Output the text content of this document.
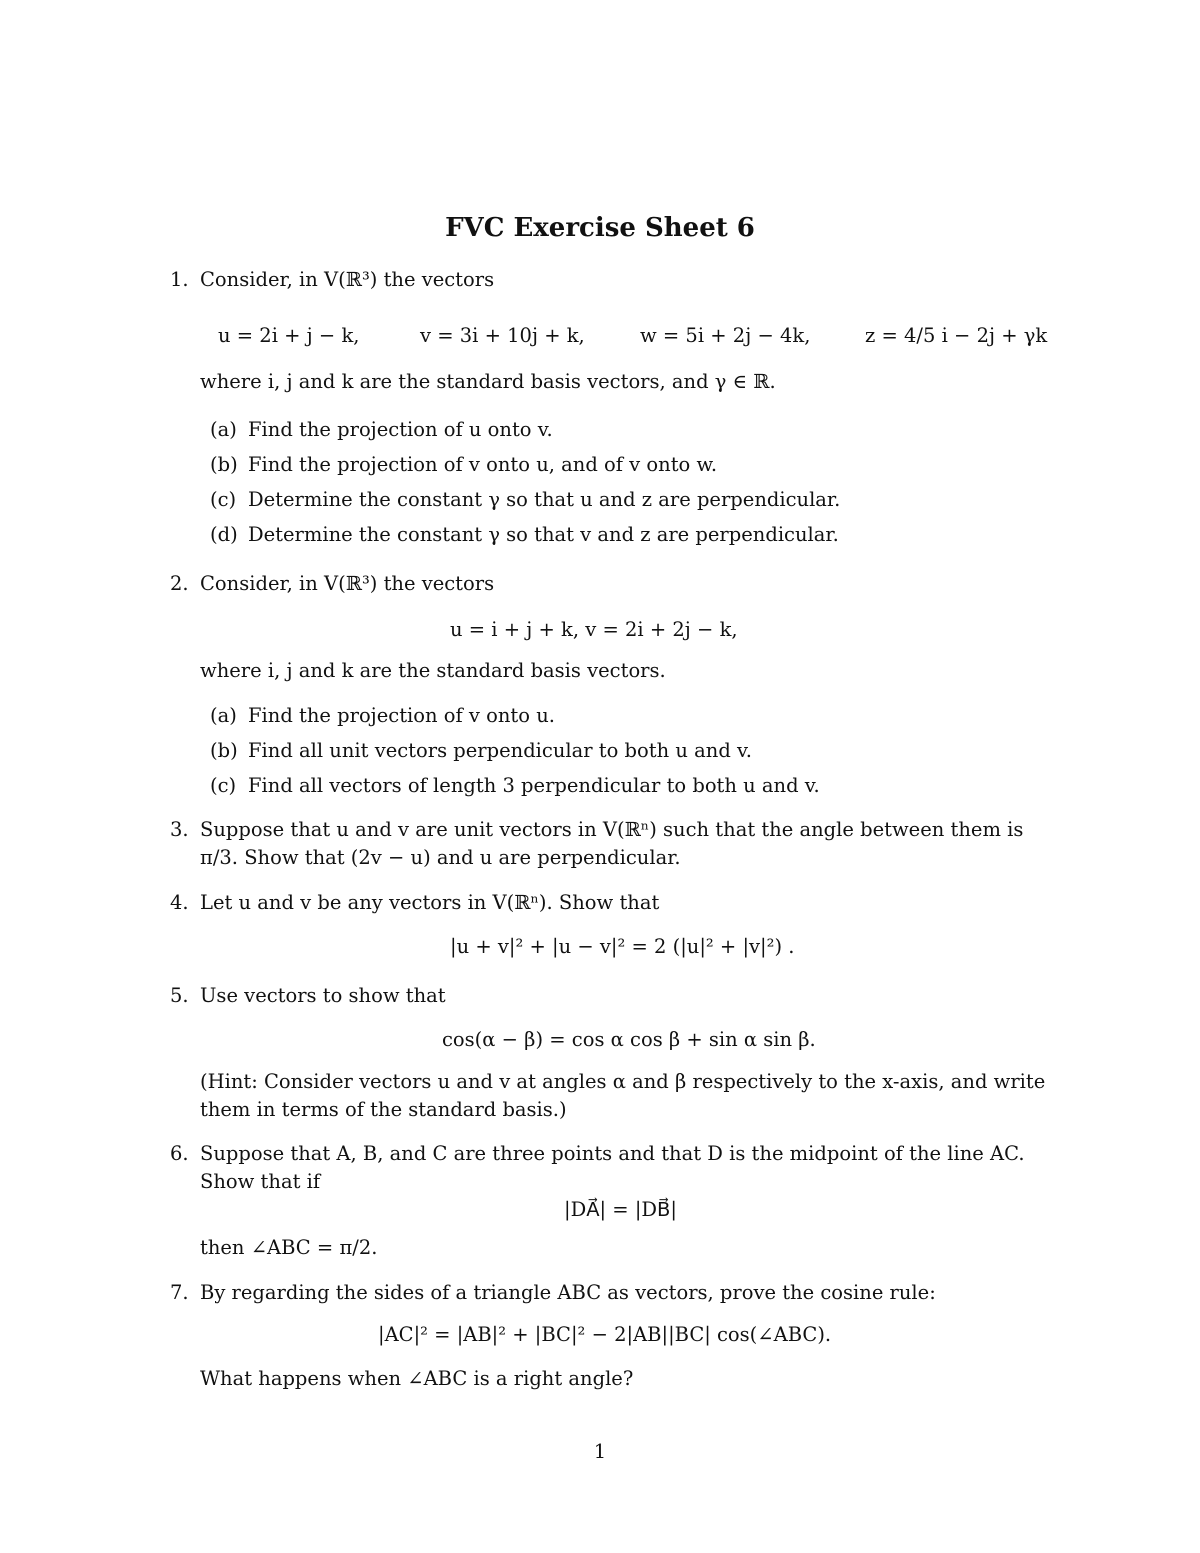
FVC Exercise Sheet 6
1. Consider, in V(ℝ³) the vectors

u = 2i + j − k,	v = 3i + 10j + k,	w = 5i + 2j − 4k,	z = 4/5 i − 2j + γk
where i, j and k are the standard basis vectors, and γ ∈ ℝ.
(a) Find the projection of u onto v.
(b) Find the projection of v onto u, and of v onto w.
(c) Determine the constant γ so that u and z are perpendicular.
(d) Determine the constant γ so that v and z are perpendicular.
2. Consider, in V(ℝ³) the vectors

u = i + j + k, v = 2i + 2j − k,
where i, j and k are the standard basis vectors.
(a) Find the projection of v onto u.
(b) Find all unit vectors perpendicular to both u and v.
(c) Find all vectors of length 3 perpendicular to both u and v.
3. Suppose that u and v are unit vectors in V(ℝⁿ) such that the angle between them is

π/3. Show that (2v − u) and u are perpendicular.

4. Let u and v be any vectors in V(ℝⁿ). Show that

|u + v|² + |u − v|² = 2 (|u|² + |v|²) .
5. Use vectors to show that

cos(α − β) = cos α cos β + sin α sin β.
(Hint: Consider vectors u and v at angles α and β respectively to the x-axis, and write
them in terms of the standard basis.)
6. Suppose that A, B, and C are three points and that D is the midpoint of the line AC.

Show that if

|DA⃗| = |DB⃗|
then ∠ABC = π/2.
7. By regarding the sides of a triangle ABC as vectors, prove the cosine rule:

|AC|² = |AB|² + |BC|² − 2|AB||BC| cos(∠ABC).
What happens when ∠ABC is a right angle?
1
